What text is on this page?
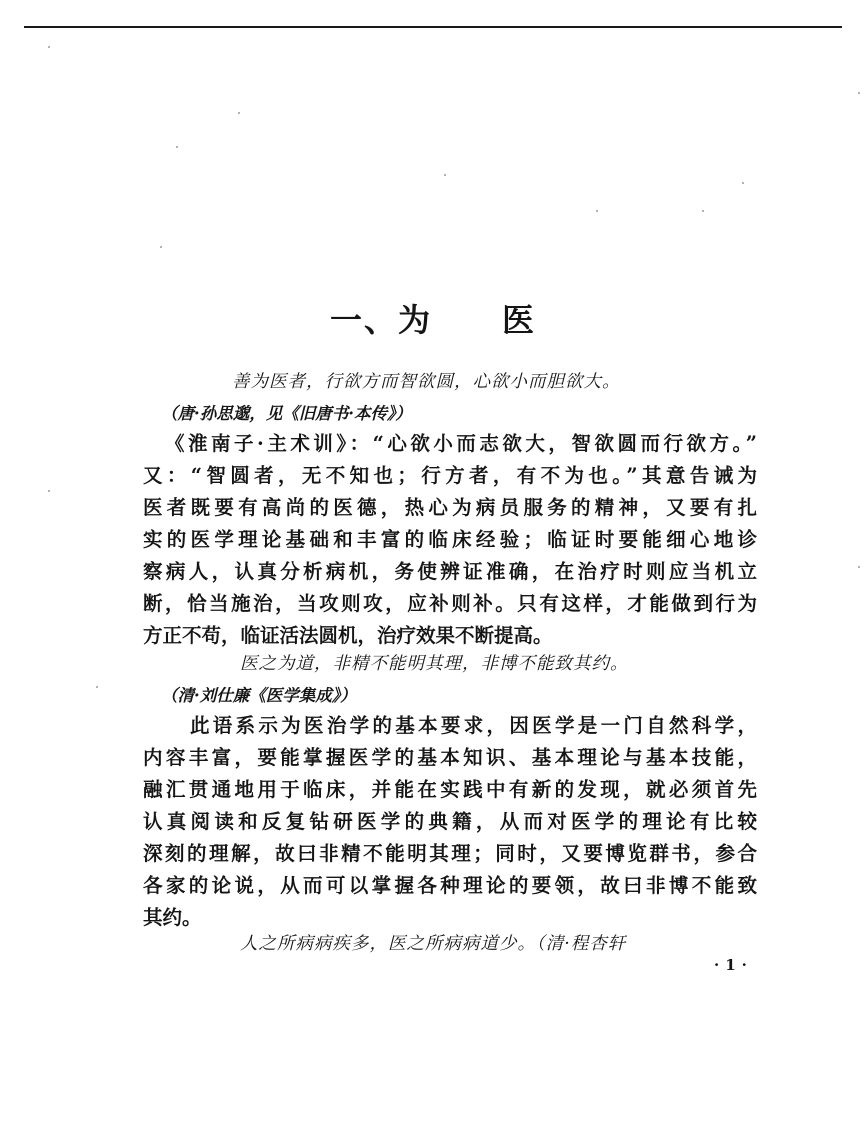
一、为 医

善为医者，行欲方而智欲圆，心欲小而胆欲大。

（唐·孙思邈，见《旧唐书·本传》）

《淮南子·主术训》：“心欲小而志欲大，智欲圆而行欲方。”

又：“智圆者，无不知也；行方者，有不为也。”其意告诫为

医者既要有高尚的医德，热心为病员服务的精神，又要有扎

实的医学理论基础和丰富的临床经验；临证时要能细心地诊

察病人，认真分析病机，务使辨证准确，在治疗时则应当机立

断，恰当施治，当攻则攻，应补则补。只有这样，才能做到行为

方正不苟，临证活法圆机，治疗效果不断提高。

医之为道，非精不能明其理，非博不能致其约。

（清·刘仕廉《医学集成》）

此语系示为医治学的基本要求，因医学是一门自然科学，

内容丰富，要能掌握医学的基本知识、基本理论与基本技能，

融汇贯通地用于临床，并能在实践中有新的发现，就必须首先

认真阅读和反复钻研医学的典籍，从而对医学的理论有比较

深刻的理解，故曰非精不能明其理；同时，又要博览群书，参合

各家的论说，从而可以掌握各种理论的要领，故曰非博不能致

其约。

人之所病病疾多，医之所病病道少。（清·程杏轩

·1·
